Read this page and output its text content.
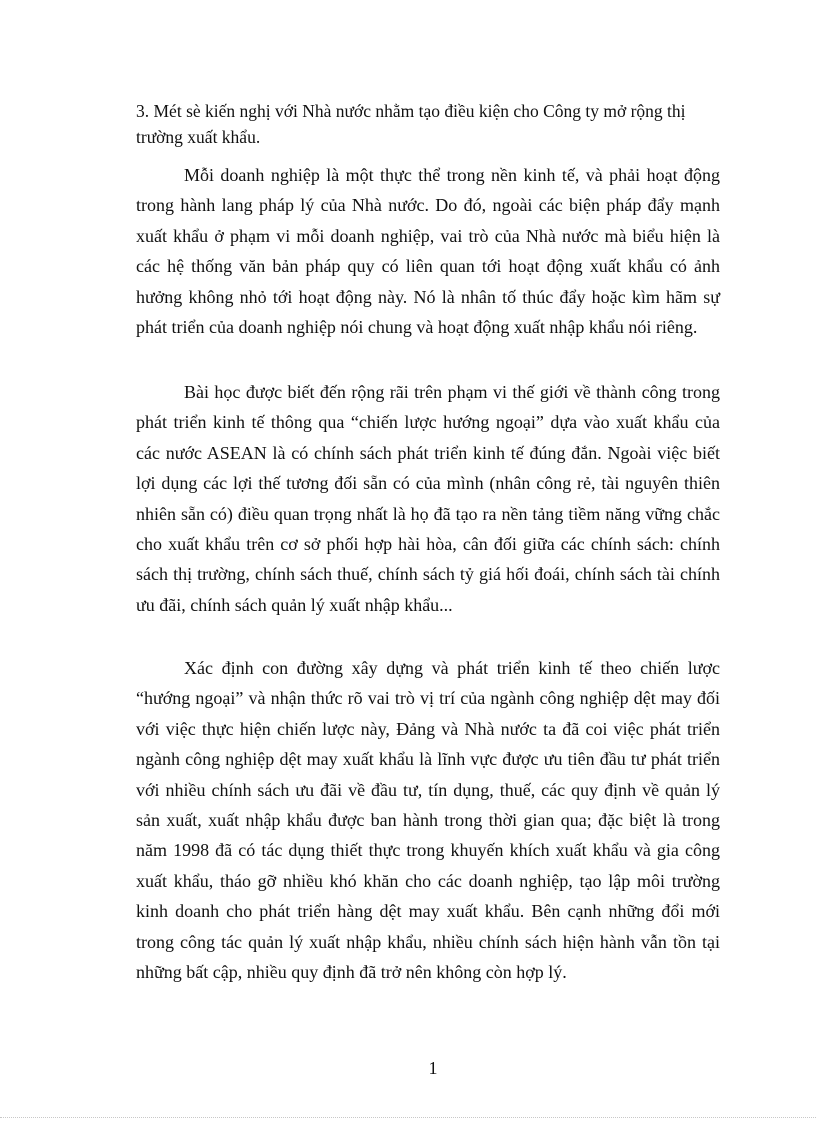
3. Mét sè kiến nghị với Nhà nước nhằm tạo điều kiện cho Công ty mở rộng thị trường xuất khẩu.

Mỗi doanh nghiệp là một thực thể trong nền kinh tế, và phải hoạt động trong hành lang pháp lý của Nhà nước. Do đó, ngoài các biện pháp đẩy mạnh xuất khẩu ở phạm vi mỗi doanh nghiệp, vai trò của Nhà nước mà biểu hiện là các hệ thống văn bản pháp quy có liên quan tới hoạt động xuất khẩu có ảnh hưởng không nhỏ tới hoạt động này. Nó là nhân tố thúc đẩy hoặc kìm hãm sự phát triển của doanh nghiệp nói chung và hoạt động xuất nhập khẩu nói riêng.

Bài học được biết đến rộng rãi trên phạm vi thế giới về thành công trong phát triển kinh tế thông qua “chiến lược hướng ngoại” dựa vào xuất khẩu của các nước ASEAN là có chính sách phát triển kinh tế đúng đắn. Ngoài việc biết lợi dụng các lợi thế tương đối sẵn có của mình (nhân công rẻ, tài nguyên thiên nhiên sẵn có) điều quan trọng nhất là họ đã tạo ra nền tảng tiềm năng vững chắc cho xuất khẩu trên cơ sở phối hợp hài hòa, cân đối giữa các chính sách: chính sách thị trường, chính sách thuế, chính sách tỷ giá hối đoái, chính sách tài chính ưu đãi, chính sách quản lý xuất nhập khẩu...

Xác định con đường xây dựng và phát triển kinh tế theo chiến lược “hướng ngoại” và nhận thức rõ vai trò vị trí của ngành công nghiệp dệt may đối với việc thực hiện chiến lược này, Đảng và Nhà nước ta đã coi việc phát triển ngành công nghiệp dệt may xuất khẩu là lĩnh vực được ưu tiên đầu tư phát triển với nhiều chính sách ưu đãi về đầu tư, tín dụng, thuế, các quy định về quản lý sản xuất, xuất nhập khẩu được ban hành trong thời gian qua; đặc biệt là trong năm 1998 đã có tác dụng thiết thực trong khuyến khích xuất khẩu và gia công xuất khẩu, tháo gỡ nhiều khó khăn cho các doanh nghiệp, tạo lập môi trường kinh doanh cho phát triển hàng dệt may xuất khẩu. Bên cạnh những đổi mới trong công tác quản lý xuất nhập khẩu, nhiều chính sách hiện hành vẫn tồn tại những bất cập, nhiều quy định đã trở nên không còn hợp lý.

1
